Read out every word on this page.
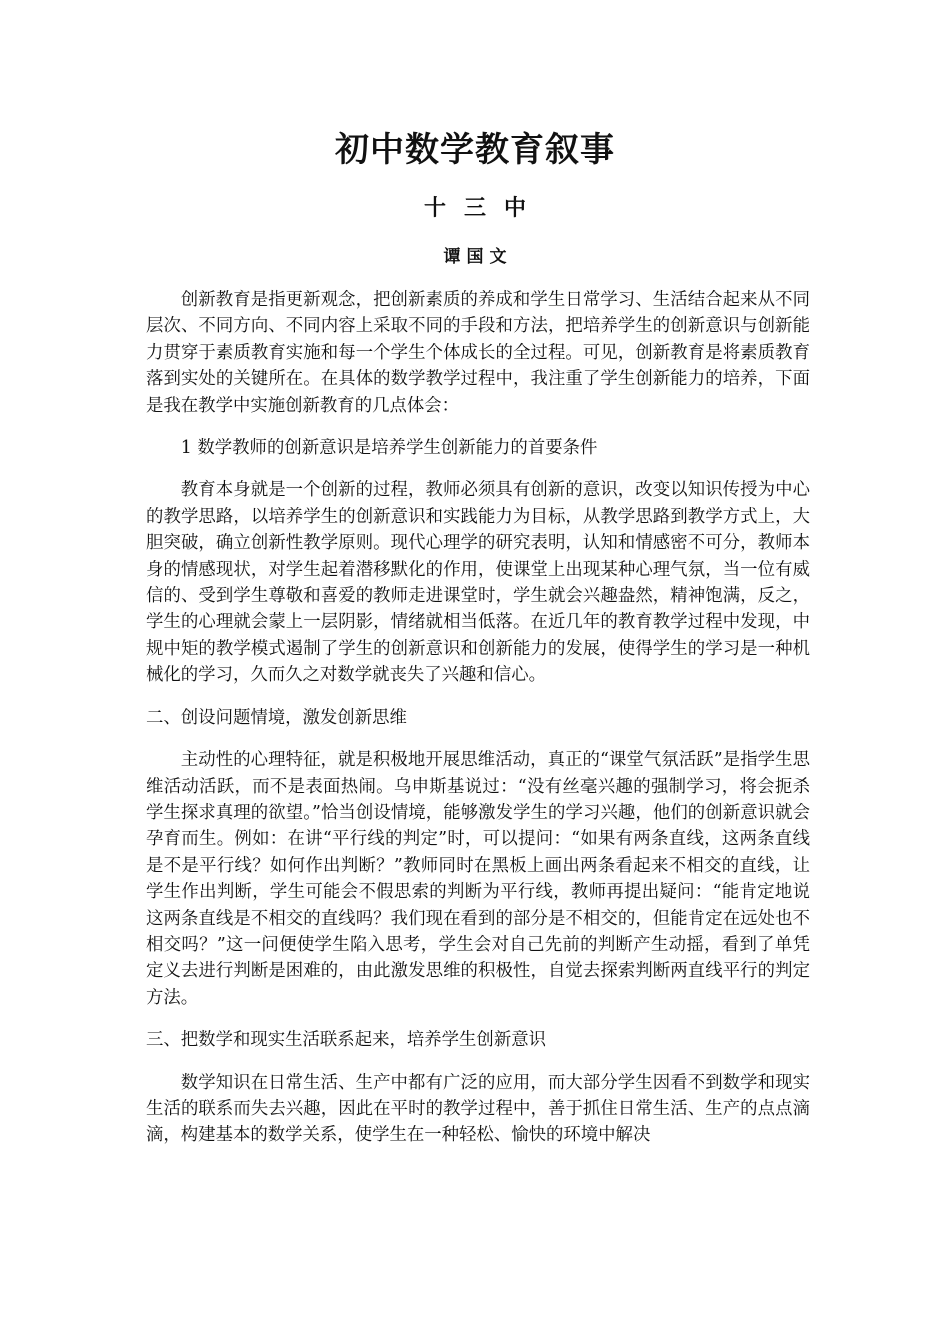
初中数学教育叙事
十三中
谭国文

创新教育是指更新观念，把创新素质的养成和学生日常学习、生活结合起来从不同层次、不同方向、不同内容上采取不同的手段和方法，把培养学生的创新意识与创新能力贯穿于素质教育实施和每一个学生个体成长的全过程。可见，创新教育是将素质教育落到实处的关键所在。在具体的数学教学过程中，我注重了学生创新能力的培养，下面是我在教学中实施创新教育的几点体会：

1 数学教师的创新意识是培养学生创新能力的首要条件

教育本身就是一个创新的过程，教师必须具有创新的意识，改变以知识传授为中心的教学思路，以培养学生的创新意识和实践能力为目标，从教学思路到教学方式上，大胆突破，确立创新性教学原则。现代心理学的研究表明，认知和情感密不可分，教师本身的情感现状，对学生起着潜移默化的作用，使课堂上出现某种心理气氛，当一位有威信的、受到学生尊敬和喜爱的教师走进课堂时，学生就会兴趣盎然，精神饱满，反之，学生的心理就会蒙上一层阴影，情绪就相当低落。在近几年的教育教学过程中发现，中规中矩的教学模式遏制了学生的创新意识和创新能力的发展，使得学生的学习是一种机械化的学习，久而久之对数学就丧失了兴趣和信心。

二、创设问题情境，激发创新思维

主动性的心理特征，就是积极地开展思维活动，真正的“课堂气氛活跃”是指学生思维活动活跃，而不是表面热闹。乌申斯基说过：“没有丝毫兴趣的强制学习，将会扼杀学生探求真理的欲望。”恰当创设情境，能够激发学生的学习兴趣，他们的创新意识就会孕育而生。例如：在讲“平行线的判定”时，可以提问：“如果有两条直线，这两条直线是不是平行线？如何作出判断？”教师同时在黑板上画出两条看起来不相交的直线，让学生作出判断，学生可能会不假思索的判断为平行线，教师再提出疑问：“能肯定地说这两条直线是不相交的直线吗？我们现在看到的部分是不相交的，但能肯定在远处也不相交吗？”这一问便使学生陷入思考，学生会对自己先前的判断产生动摇，看到了单凭定义去进行判断是困难的，由此激发思维的积极性，自觉去探索判断两直线平行的判定方法。

三、把数学和现实生活联系起来，培养学生创新意识

数学知识在日常生活、生产中都有广泛的应用，而大部分学生因看不到数学和现实生活的联系而失去兴趣，因此在平时的教学过程中，善于抓住日常生活、生产的点点滴滴，构建基本的数学关系，使学生在一种轻松、愉快的环境中解决
